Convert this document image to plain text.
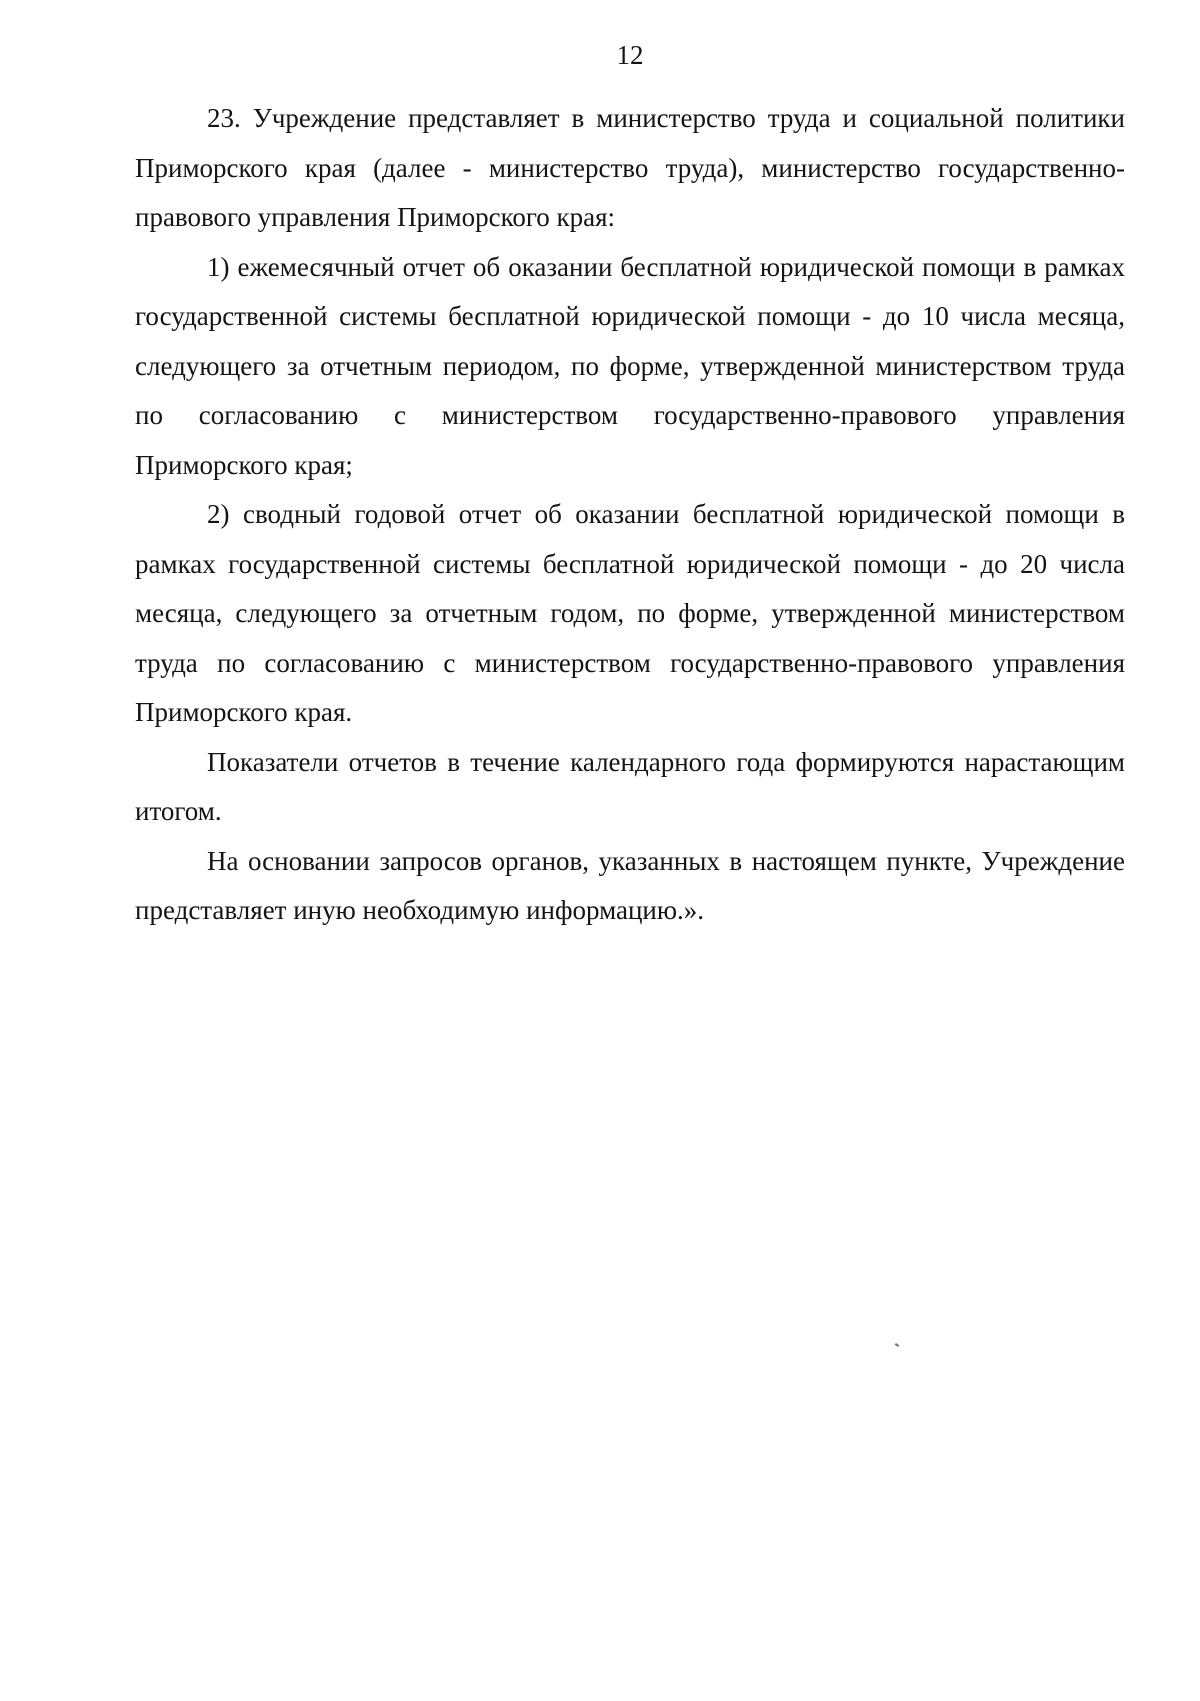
12

23. Учреждение представляет в министерство труда и социальной политики Приморского края (далее - министерство труда), министерство государственно-правового управления Приморского края:

1) ежемесячный отчет об оказании бесплатной юридической помощи в рамках государственной системы бесплатной юридической помощи - до 10 числа месяца, следующего за отчетным периодом, по форме, утвержденной министерством труда по согласованию с министерством государственно-правового управления Приморского края;

2) сводный годовой отчет об оказании бесплатной юридической помощи в рамках государственной системы бесплатной юридической помощи - до 20 числа месяца, следующего за отчетным годом, по форме, утвержденной министерством труда по согласованию с министерством государственно-правового управления Приморского края.

Показатели отчетов в течение календарного года формируются нарастающим итогом.

На основании запросов органов, указанных в настоящем пункте, Учреждение представляет иную необходимую информацию.».
